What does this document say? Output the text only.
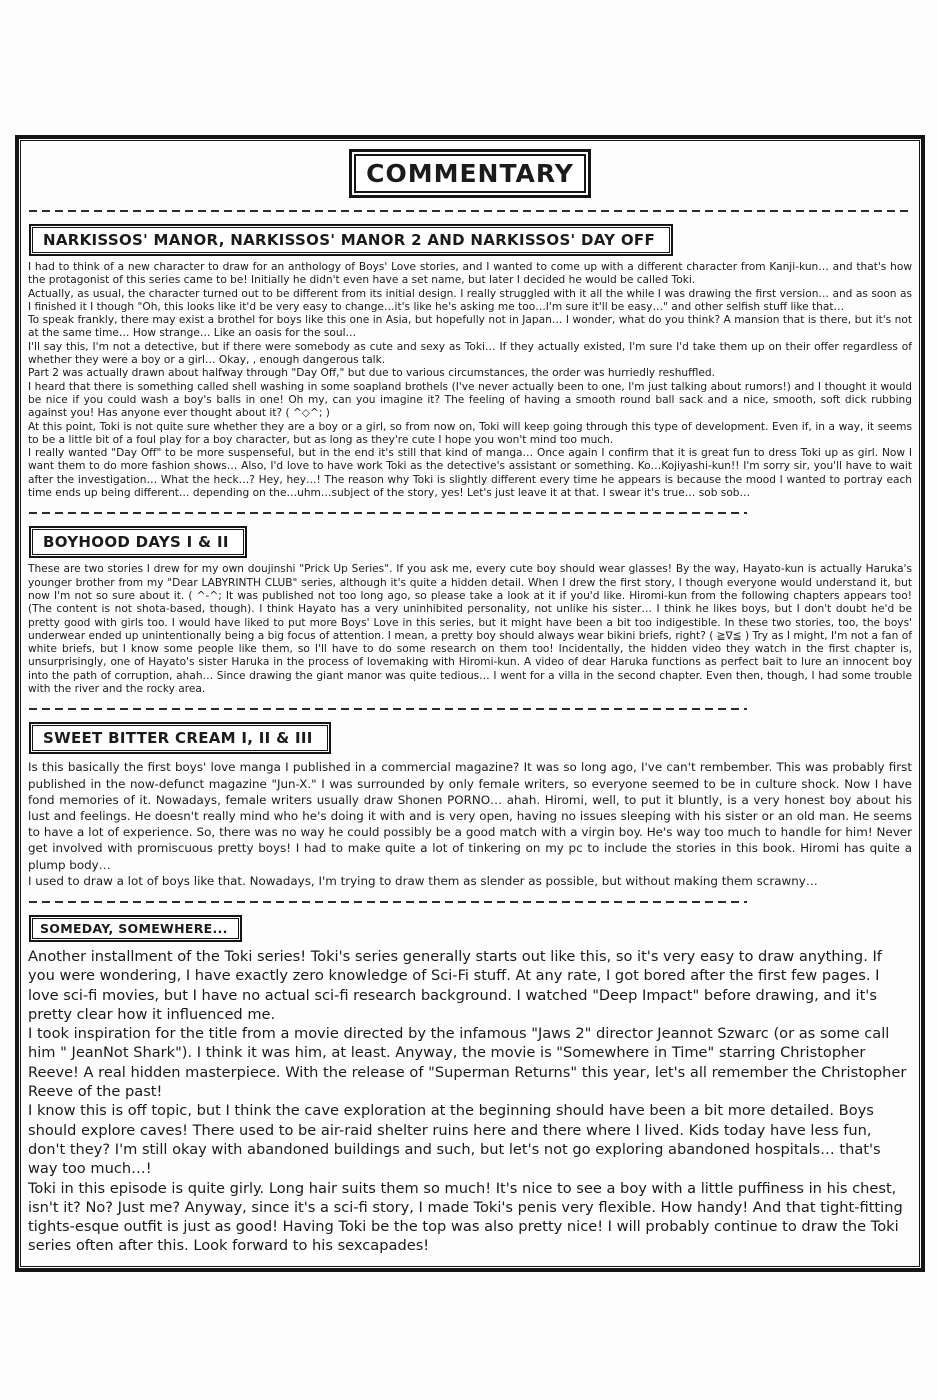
COMMENTARY
NARKISSOS' MANOR, NARKISSOS' MANOR 2 AND NARKISSOS' DAY OFF

I had to think of a new character to draw for an anthology of Boys' Love stories, and I wanted to come up with a different character from Kanji-kun… and that's how the protagonist of this series came to be! Initially he didn't even have a set name, but later I decided he would be called Toki.

Actually, as usual, the character turned out to be different from its initial design. I really struggled with it all the while I was drawing the first version… and as soon as I finished it I though "Oh, this looks like it'd be very easy to change…it's like he's asking me too…I'm sure it'll be easy…" and other selfish stuff like that…

To speak frankly, there may exist a brothel for boys like this one in Asia, but hopefully not in Japan… I wonder, what do you think? A mansion that is there, but it's not at the same time… How strange… Like an oasis for the soul…

I'll say this, I'm not a detective, but if there were somebody as cute and sexy as Toki… If they actually existed, I'm sure I'd take them up on their offer regardless of whether they were a boy or a girl… Okay, , enough dangerous talk.

Part 2 was actually drawn about halfway through "Day Off," but due to various circumstances, the order was hurriedly reshuffled.

I heard that there is something called shell washing in some soapland brothels (I've never actually been to one, I'm just talking about rumors!) and I thought it would be nice if you could wash a boy's balls in one! Oh my, can you imagine it? The feeling of having a smooth round ball sack and a nice, smooth, soft dick rubbing against you! Has anyone ever thought about it? ( ^◇^; )

At this point, Toki is not quite sure whether they are a boy or a girl, so from now on, Toki will keep going through this type of development. Even if, in a way, it seems to be a little bit of a foul play for a boy character, but as long as they're cute I hope you won't mind too much.

I really wanted "Day Off" to be more suspenseful, but in the end it's still that kind of manga… Once again I confirm that it is great fun to dress Toki up as girl. Now I want them to do more fashion shows… Also, I'd love to have work Toki as the detective's assistant or something. Ko…Kojiyashi-kun!! I'm sorry sir, you'll have to wait after the investigation… What the heck…? Hey, hey…! The reason why Toki is slightly different every time he appears is because the mood I wanted to portray each time ends up being different… depending on the…uhm…subject of the story, yes! Let's just leave it at that. I swear it's true… sob sob…

BOYHOOD DAYS I & II

These are two stories I drew for my own doujinshi "Prick Up Series". If you ask me, every cute boy should wear glasses! By the way, Hayato-kun is actually Haruka's younger brother from my "Dear LABYRINTH CLUB" series, although it's quite a hidden detail. When I drew the first story, I though everyone would understand it, but now I'm not so sure about it. ( ^-^; It was published not too long ago, so please take a look at it if you'd like. Hiromi-kun from the following chapters appears too! (The content is not shota-based, though). I think Hayato has a very uninhibited personality, not unlike his sister… I think he likes boys, but I don't doubt he'd be pretty good with girls too. I would have liked to put more Boys' Love in this series, but it might have been a bit too indigestible. In these two stories, too, the boys' underwear ended up unintentionally being a big focus of attention. I mean, a pretty boy should always wear bikini briefs, right? ( ≧∇≦ ) Try as I might, I'm not a fan of white briefs, but I know some people like them, so I'll have to do some research on them too! Incidentally, the hidden video they watch in the first chapter is, unsurprisingly, one of Hayato's sister Haruka in the process of lovemaking with Hiromi-kun. A video of dear Haruka functions as perfect bait to lure an innocent boy into the path of corruption, ahah… Since drawing the giant manor was quite tedious… I went for a villa in the second chapter. Even then, though, I had some trouble with the river and the rocky area.

SWEET BITTER CREAM I, II & III

Is this basically the first boys' love manga I published in a commercial magazine? It was so long ago, I've can't rembember. This was probably first published in the now-defunct magazine "Jun-X." I was surrounded by only female writers, so everyone seemed to be in culture shock. Now I have fond memories of it. Nowadays, female writers usually draw Shonen PORNO… ahah. Hiromi, well, to put it bluntly, is a very honest boy about his lust and feelings. He doesn't really mind who he's doing it with and is very open, having no issues sleeping with his sister or an old man. He seems to have a lot of experience. So, there was no way he could possibly be a good match with a virgin boy. He's way too much to handle for him! Never get involved with promiscuous pretty boys! I had to make quite a lot of tinkering on my pc to include the stories in this book. Hiromi has quite a plump body…

I used to draw a lot of boys like that. Nowadays, I'm trying to draw them as slender as possible, but without making them scrawny…

SOMEDAY, SOMEWHERE...

Another installment of the Toki series! Toki's series generally starts out like this, so it's very easy to draw anything. If you were wondering, I have exactly zero knowledge of Sci-Fi stuff. At any rate, I got bored after the first few pages. I love sci-fi movies, but I have no actual sci-fi research background. I watched "Deep Impact" before drawing, and it's pretty clear how it influenced me.

I took inspiration for the title from a movie directed by the infamous "Jaws 2" director Jeannot Szwarc (or as some call him " JeanNot Shark"). I think it was him, at least. Anyway, the movie is "Somewhere in Time" starring Christopher Reeve! A real hidden masterpiece. With the release of "Superman Returns" this year, let's all remember the Christopher Reeve of the past!

I know this is off topic, but I think the cave exploration at the beginning should have been a bit more detailed. Boys should explore caves! There used to be air-raid shelter ruins here and there where I lived. Kids today have less fun, don't they? I'm still okay with abandoned buildings and such, but let's not go exploring abandoned hospitals… that's way too much…!

Toki in this episode is quite girly. Long hair suits them so much! It's nice to see a boy with a little puffiness in his chest, isn't it? No? Just me? Anyway, since it's a sci-fi story, I made Toki's penis very flexible. How handy! And that tight-fitting tights-esque outfit is just as good! Having Toki be the top was also pretty nice! I will probably continue to draw the Toki series often after this. Look forward to his sexcapades!
